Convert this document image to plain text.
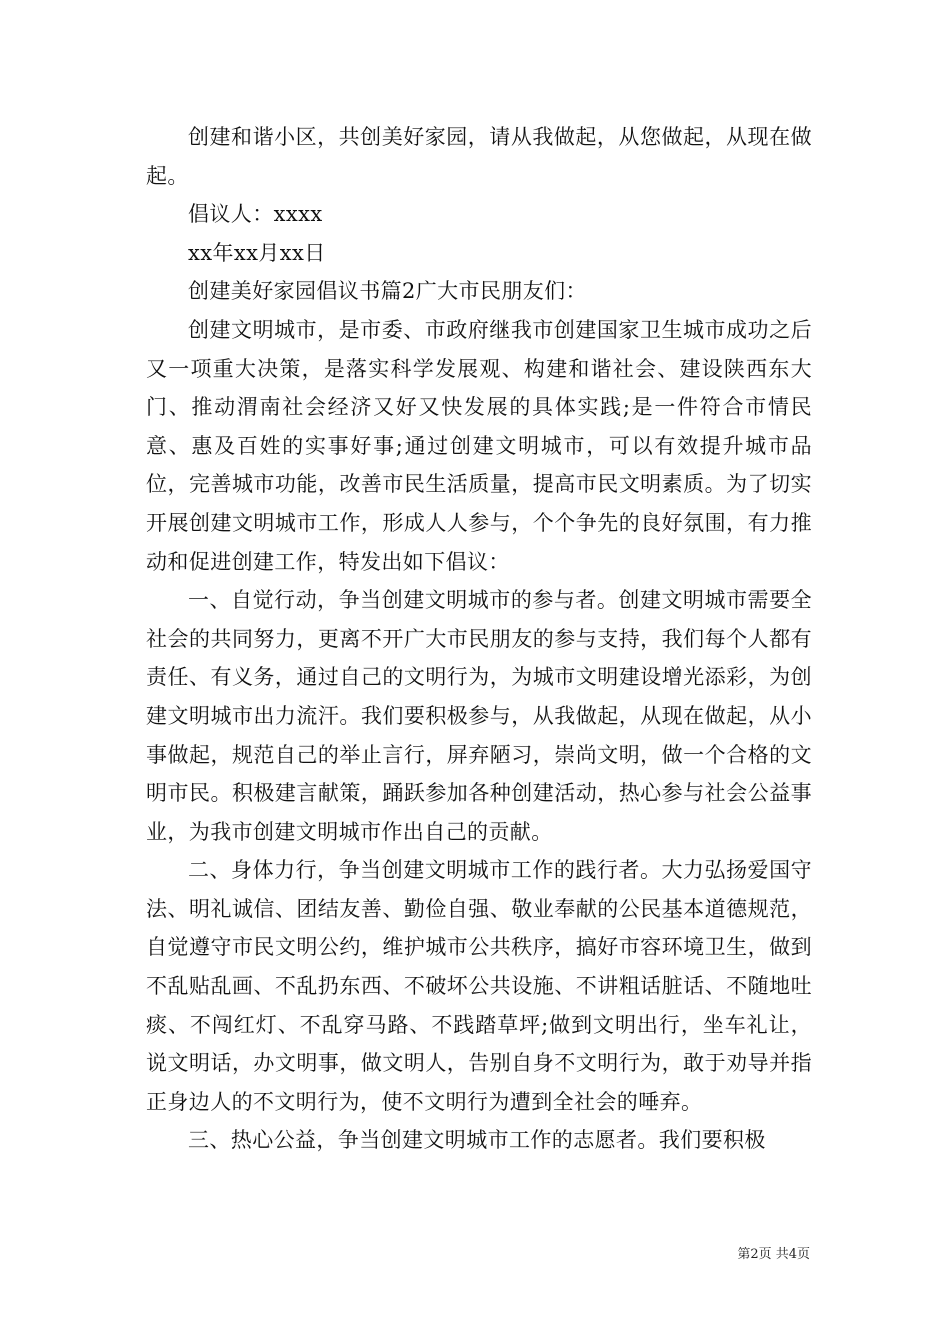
创建和谐小区，共创美好家园，请从我做起，从您做起，从现在做起。

倡议人：xxxx

xx年xx月xx日

创建美好家园倡议书篇2广大市民朋友们：

创建文明城市，是市委、市政府继我市创建国家卫生城市成功之后又一项重大决策，是落实科学发展观、构建和谐社会、建设陕西东大门、推动渭南社会经济又好又快发展的具体实践;是一件符合市情民意、惠及百姓的实事好事;通过创建文明城市，可以有效提升城市品位，完善城市功能，改善市民生活质量，提高市民文明素质。为了切实开展创建文明城市工作，形成人人参与，个个争先的良好氛围，有力推动和促进创建工作，特发出如下倡议：

一、自觉行动，争当创建文明城市的参与者。创建文明城市需要全社会的共同努力，更离不开广大市民朋友的参与支持，我们每个人都有责任、有义务，通过自己的文明行为，为城市文明建设增光添彩，为创建文明城市出力流汗。我们要积极参与，从我做起，从现在做起，从小事做起，规范自己的举止言行，屏弃陋习，崇尚文明，做一个合格的文明市民。积极建言献策，踊跃参加各种创建活动，热心参与社会公益事业，为我市创建文明城市作出自己的贡献。

二、身体力行，争当创建文明城市工作的践行者。大力弘扬爱国守法、明礼诚信、团结友善、勤俭自强、敬业奉献的公民基本道德规范，自觉遵守市民文明公约，维护城市公共秩序，搞好市容环境卫生，做到不乱贴乱画、不乱扔东西、不破坏公共设施、不讲粗话脏话、不随地吐痰、不闯红灯、不乱穿马路、不践踏草坪;做到文明出行，坐车礼让，说文明话，办文明事，做文明人，告别自身不文明行为，敢于劝导并指正身边人的不文明行为，使不文明行为遭到全社会的唾弃。

三、热心公益，争当创建文明城市工作的志愿者。我们要积极

第2页 共4页
